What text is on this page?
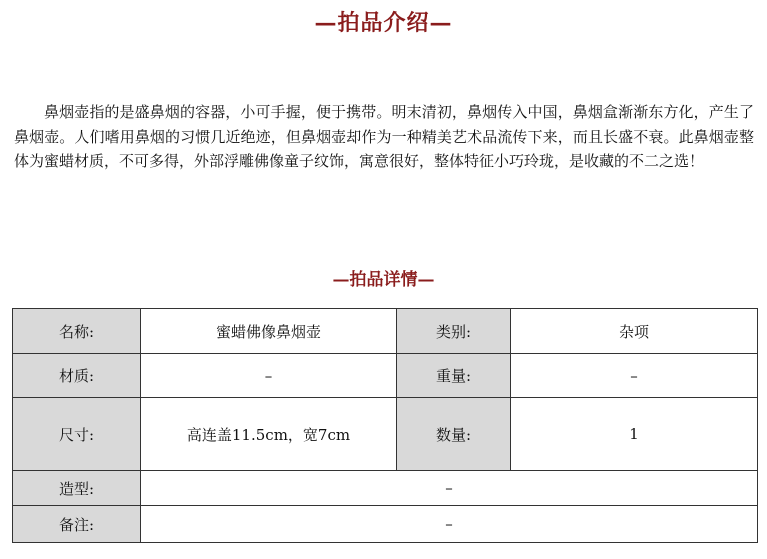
—拍品介绍—

鼻烟壶指的是盛鼻烟的容器，小可手握，便于携带。明末清初，鼻烟传入中国，鼻烟盒渐渐东方化，产生了鼻烟壶。人们嗜用鼻烟的习惯几近绝迹，但鼻烟壶却作为一种精美艺术品流传下来，而且长盛不衰。此鼻烟壶整体为蜜蜡材质，不可多得，外部浮雕佛像童子纹饰，寓意很好，整体特征小巧玲珑，是收藏的不二之选！

—拍品详情—
名称:	蜜蜡佛像鼻烟壶	类别:	杂项
材质:	–	重量:	–
尺寸:	高连盖11.5cm，宽7cm	数量:	1
造型:	–		
备注:	–		
